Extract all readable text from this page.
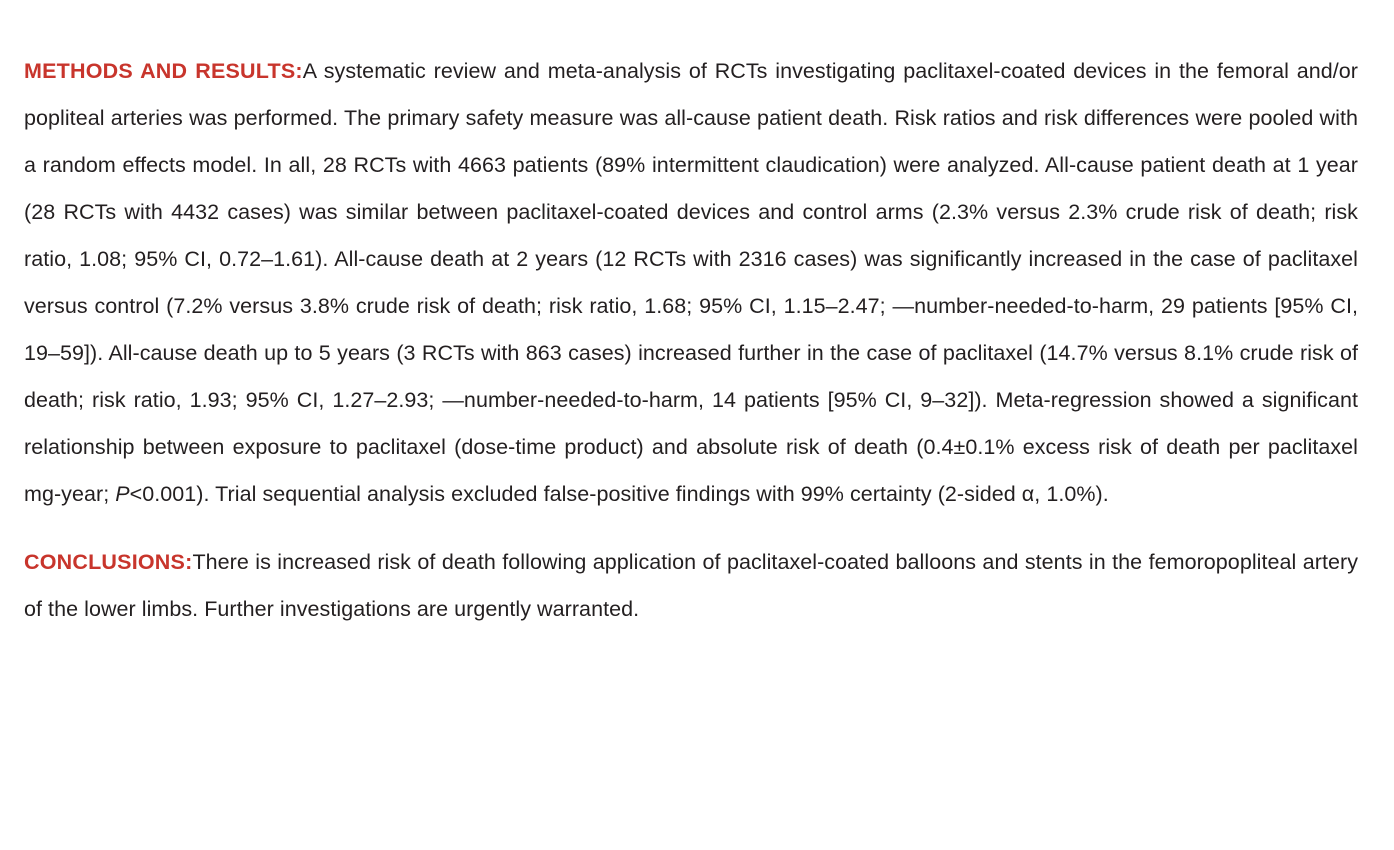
METHODS AND RESULTS:A systematic review and meta-analysis of RCTs investigating paclitaxel-coated devices in the femoral and/or popliteal arteries was performed. The primary safety measure was all-cause patient death. Risk ratios and risk differences were pooled with a random effects model. In all, 28 RCTs with 4663 patients (89% intermittent claudication) were analyzed. All-cause patient death at 1 year (28 RCTs with 4432 cases) was similar between paclitaxel-coated devices and control arms (2.3% versus 2.3% crude risk of death; risk ratio, 1.08; 95% CI, 0.72–1.61). All-cause death at 2 years (12 RCTs with 2316 cases) was significantly increased in the case of paclitaxel versus control (7.2% versus 3.8% crude risk of death; risk ratio, 1.68; 95% CI, 1.15–2.47; —number-needed-to-harm, 29 patients [95% CI, 19–59]). All-cause death up to 5 years (3 RCTs with 863 cases) increased further in the case of paclitaxel (14.7% versus 8.1% crude risk of death; risk ratio, 1.93; 95% CI, 1.27–2.93; —number-needed-to-harm, 14 patients [95% CI, 9–32]). Meta-regression showed a significant relationship between exposure to paclitaxel (dose-time product) and absolute risk of death (0.4±0.1% excess risk of death per paclitaxel mg-year; P<0.001). Trial sequential analysis excluded false-positive findings with 99% certainty (2-sided α, 1.0%).

CONCLUSIONS:There is increased risk of death following application of paclitaxel-coated balloons and stents in the femoropopliteal artery of the lower limbs. Further investigations are urgently warranted.
